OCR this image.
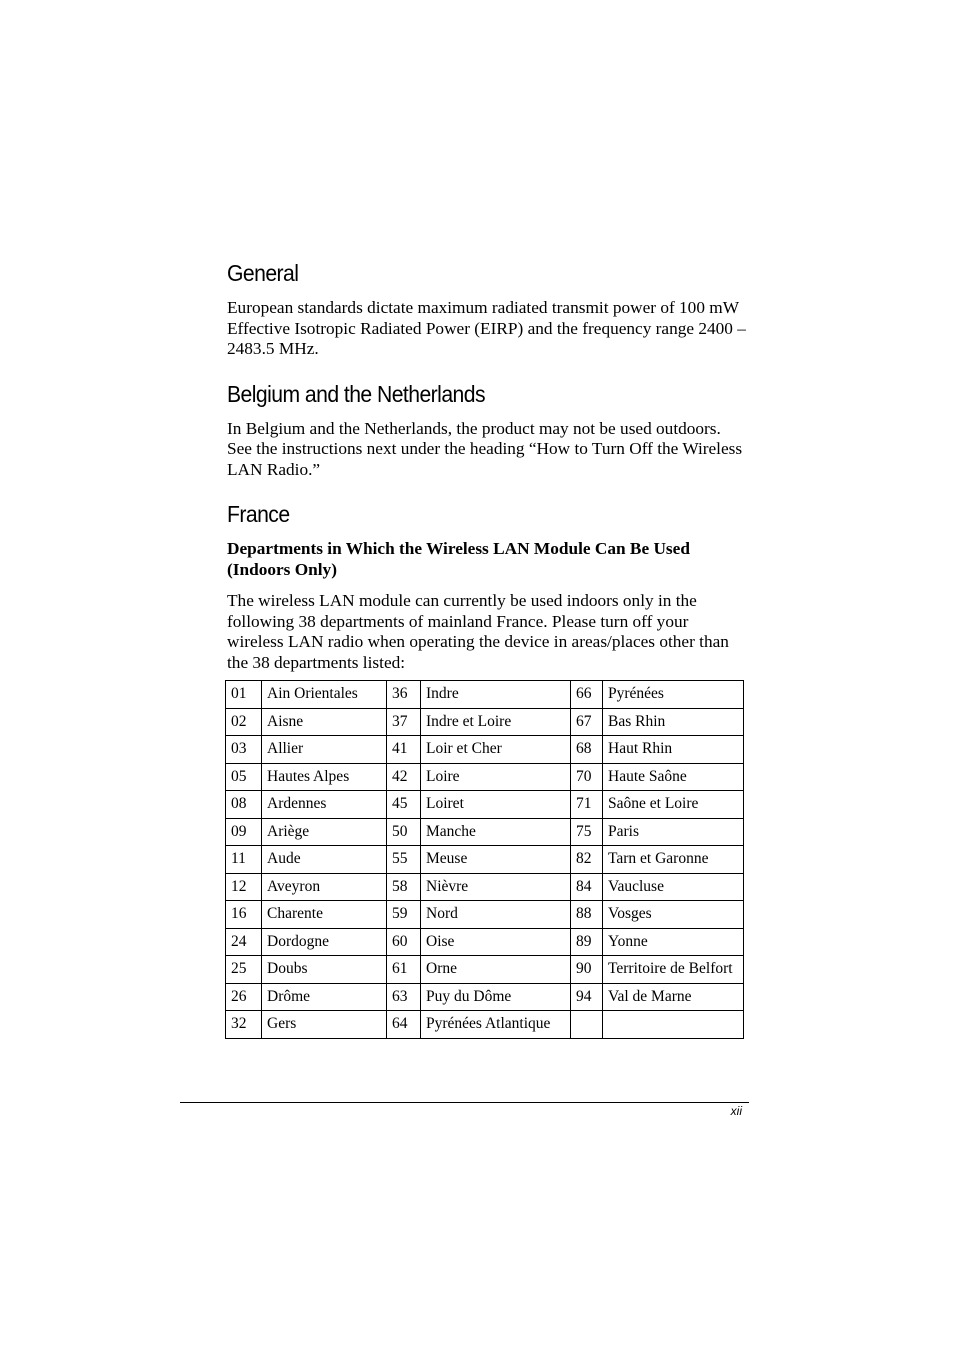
General

European standards dictate maximum radiated transmit power of 100 mW Effective Isotropic Radiated Power (EIRP) and the frequency range 2400 – 2483.5 MHz.

Belgium and the Netherlands

In Belgium and the Netherlands, the product may not be used outdoors. See the instructions next under the heading “How to Turn Off the Wireless LAN Radio.”

France

Departments in Which the Wireless LAN Module Can Be Used (Indoors Only)

The wireless LAN module can currently be used indoors only in the following 38 departments of mainland France. Please turn off your wireless LAN radio when operating the device in areas/places other than the 38 departments listed:

01	Ain Orientales	36	Indre	66	Pyrénées
02	Aisne	37	Indre et Loire	67	Bas Rhin
03	Allier	41	Loir et Cher	68	Haut Rhin
05	Hautes Alpes	42	Loire	70	Haute Saône
08	Ardennes	45	Loiret	71	Saône et Loire
09	Ariège	50	Manche	75	Paris
11	Aude	55	Meuse	82	Tarn et Garonne
12	Aveyron	58	Nièvre	84	Vaucluse
16	Charente	59	Nord	88	Vosges
24	Dordogne	60	Oise	89	Yonne
25	Doubs	61	Orne	90	Territoire de Belfort
26	Drôme	63	Puy du Dôme	94	Val de Marne
32	Gers	64	Pyrénées Atlantique		
xii
